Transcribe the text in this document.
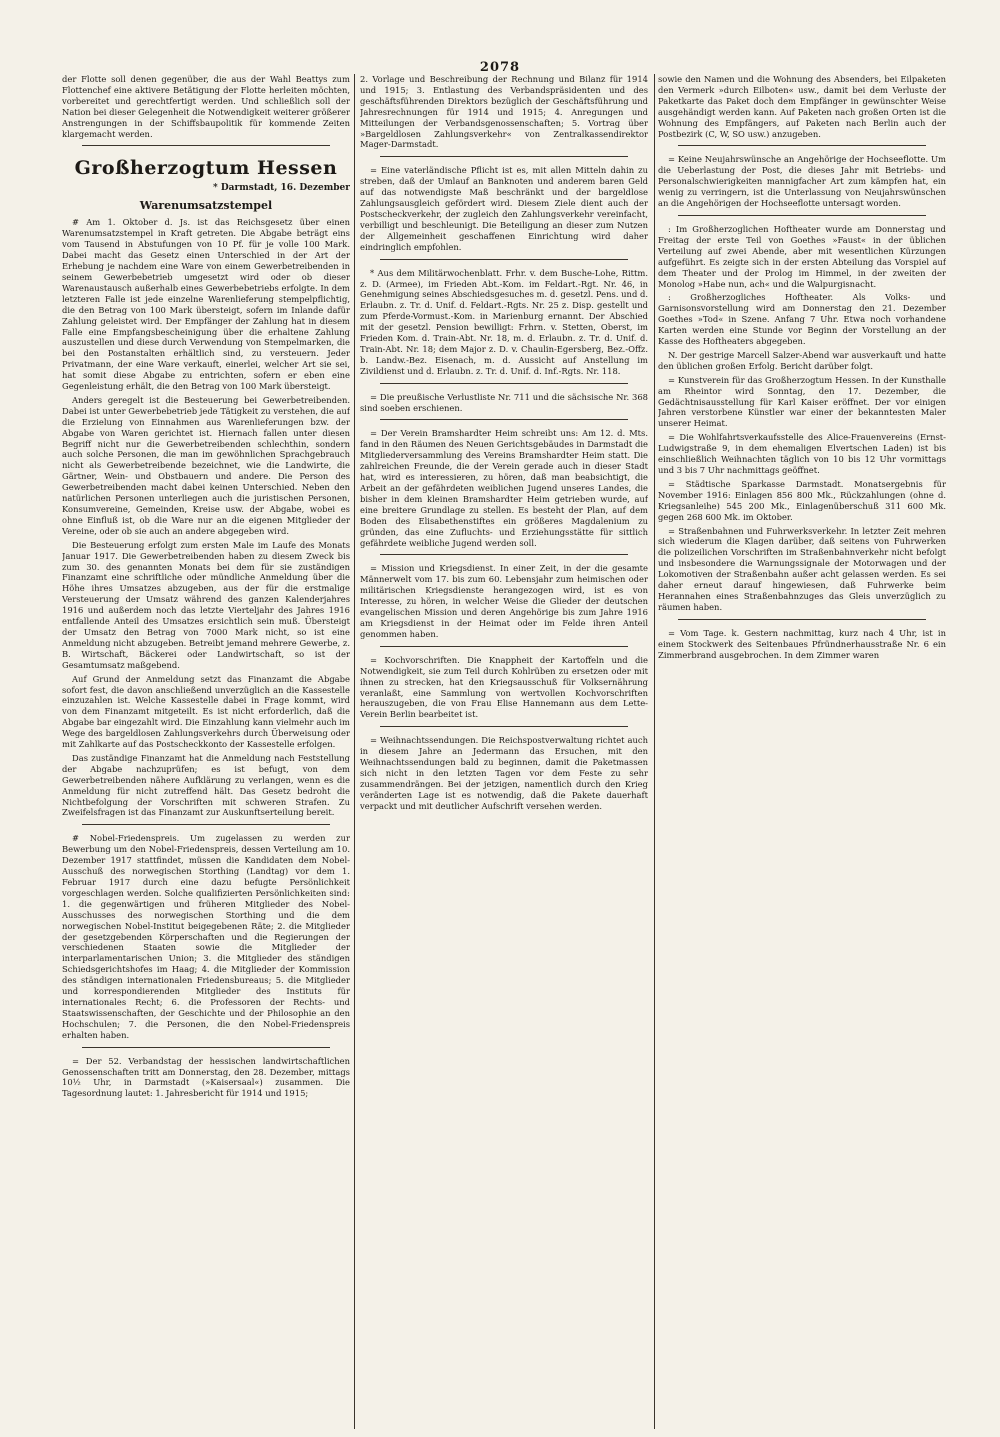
2078

der Flotte soll denen gegenüber, die aus der Wahl Beattys zum Flottenchef eine aktivere Betätigung der Flotte herleiten möchten, vorbereitet und gerechtfertigt werden. Und schließlich soll der Nation bei dieser Gelegenheit die Notwendigkeit weiterer größerer Anstrengungen in der Schiffsbaupolitik für kommende Zeiten klargemacht werden.

Großherzogtum Hessen
* Darmstadt, 16. Dezember
Warenumsatzstempel

# Am 1. Oktober d. Js. ist das Reichsgesetz über einen Warenumsatzstempel in Kraft getreten. Die Abgabe beträgt eins vom Tausend in Abstufungen von 10 Pf. für je volle 100 Mark. Dabei macht das Gesetz einen Unterschied in der Art der Erhebung je nachdem eine Ware von einem Gewerbetreibenden in seinem Gewerbebetrieb umgesetzt wird oder ob dieser Warenaustausch außerhalb eines Gewerbebetriebs erfolgte. In dem letzteren Falle ist jede einzelne Warenlieferung stempelpflichtig, die den Betrag von 100 Mark übersteigt, sofern im Inlande dafür Zahlung geleistet wird. Der Empfänger der Zahlung hat in diesem Falle eine Empfangsbescheinigung über die erhaltene Zahlung auszustellen und diese durch Verwendung von Stempelmarken, die bei den Postanstalten erhältlich sind, zu versteuern. Jeder Privatmann, der eine Ware verkauft, einerlei, welcher Art sie sei, hat somit diese Abgabe zu entrichten, sofern er eben eine Gegenleistung erhält, die den Betrag von 100 Mark übersteigt.

Anders geregelt ist die Besteuerung bei Gewerbetreibenden. Dabei ist unter Gewerbebetrieb jede Tätigkeit zu verstehen, die auf die Erzielung von Einnahmen aus Warenlieferungen bzw. der Abgabe von Waren gerichtet ist. Hiernach fallen unter diesen Begriff nicht nur die Gewerbetreibenden schlechthin, sondern auch solche Personen, die man im gewöhnlichen Sprachgebrauch nicht als Gewerbetreibende bezeichnet, wie die Landwirte, die Gärtner, Wein- und Obstbauern und andere. Die Person des Gewerbetreibenden macht dabei keinen Unterschied. Neben den natürlichen Personen unterliegen auch die juristischen Personen, Konsumvereine, Gemeinden, Kreise usw. der Abgabe, wobei es ohne Einfluß ist, ob die Ware nur an die eigenen Mitglieder der Vereine, oder ob sie auch an andere abgegeben wird.

Die Besteuerung erfolgt zum ersten Male im Laufe des Monats Januar 1917. Die Gewerbetreibenden haben zu diesem Zweck bis zum 30. des genannten Monats bei dem für sie zuständigen Finanzamt eine schriftliche oder mündliche Anmeldung über die Höhe ihres Umsatzes abzugeben, aus der für die erstmalige Versteuerung der Umsatz während des ganzen Kalenderjahres 1916 und außerdem noch das letzte Vierteljahr des Jahres 1916 entfallende Anteil des Umsatzes ersichtlich sein muß. Übersteigt der Umsatz den Betrag von 7000 Mark nicht, so ist eine Anmeldung nicht abzugeben. Betreibt jemand mehrere Gewerbe, z. B. Wirtschaft, Bäckerei oder Landwirtschaft, so ist der Gesamtumsatz maßgebend.

Auf Grund der Anmeldung setzt das Finanzamt die Abgabe sofort fest, die davon anschließend unverzüglich an die Kassestelle einzuzahlen ist. Welche Kassestelle dabei in Frage kommt, wird von dem Finanzamt mitgeteilt. Es ist nicht erforderlich, daß die Abgabe bar eingezahlt wird. Die Einzahlung kann vielmehr auch im Wege des bargeldlosen Zahlungsverkehrs durch Überweisung oder mit Zahlkarte auf das Postscheckkonto der Kassestelle erfolgen.

Das zuständige Finanzamt hat die Anmeldung nach Feststellung der Abgabe nachzuprüfen; es ist befugt, von dem Gewerbetreibenden nähere Aufklärung zu verlangen, wenn es die Anmeldung für nicht zutreffend hält. Das Gesetz bedroht die Nichtbefolgung der Vorschriften mit schweren Strafen. Zu Zweifelsfragen ist das Finanzamt zur Auskunftserteilung bereit.

# Nobel-Friedenspreis. Um zugelassen zu werden zur Bewerbung um den Nobel-Friedenspreis, dessen Verteilung am 10. Dezember 1917 stattfindet, müssen die Kandidaten dem Nobel-Ausschuß des norwegischen Storthing (Landtag) vor dem 1. Februar 1917 durch eine dazu befugte Persönlichkeit vorgeschlagen werden. Solche qualifizierten Persönlichkeiten sind: 1. die gegenwärtigen und früheren Mitglieder des Nobel-Ausschusses des norwegischen Storthing und die dem norwegischen Nobel-Institut beigegebenen Räte; 2. die Mitglieder der gesetzgebenden Körperschaften und die Regierungen der verschiedenen Staaten sowie die Mitglieder der interparlamentarischen Union; 3. die Mitglieder des ständigen Schiedsgerichtshofes im Haag; 4. die Mitglieder der Kommission des ständigen internationalen Friedensbureaus; 5. die Mitglieder und korrespondierenden Mitglieder des Instituts für internationales Recht; 6. die Professoren der Rechts- und Staatswissenschaften, der Geschichte und der Philosophie an den Hochschulen; 7. die Personen, die den Nobel-Friedenspreis erhalten haben.

= Der 52. Verbandstag der hessischen landwirtschaftlichen Genossenschaften tritt am Donnerstag, den 28. Dezember, mittags 10½ Uhr, in Darmstadt (»Kaisersaal«) zusammen. Die Tagesordnung lautet: 1. Jahresbericht für 1914 und 1915;

2. Vorlage und Beschreibung der Rechnung und Bilanz für 1914 und 1915; 3. Entlastung des Verbandspräsidenten und des geschäftsführenden Direktors bezüglich der Geschäftsführung und Jahresrechnungen für 1914 und 1915; 4. Anregungen und Mitteilungen der Verbandsgenossenschaften; 5. Vortrag über »Bargeldlosen Zahlungsverkehr« von Zentralkassendirektor Mager-Darmstadt.

= Eine vaterländische Pflicht ist es, mit allen Mitteln dahin zu streben, daß der Umlauf an Banknoten und anderem baren Geld auf das notwendigste Maß beschränkt und der bargeldlose Zahlungsausgleich gefördert wird. Diesem Ziele dient auch der Postscheckverkehr, der zugleich den Zahlungsverkehr vereinfacht, verbilligt und beschleunigt. Die Beteiligung an dieser zum Nutzen der Allgemeinheit geschaffenen Einrichtung wird daher eindringlich empfohlen.

* Aus dem Militärwochenblatt. Frhr. v. dem Busche-Lohe, Rittm. z. D. (Armee), im Frieden Abt.-Kom. im Feldart.-Rgt. Nr. 46, in Genehmigung seines Abschiedsgesuches m. d. gesetzl. Pens. und d. Erlaubn. z. Tr. d. Unif. d. Feldart.-Rgts. Nr. 25 z. Disp. gestellt und zum Pferde-Vormust.-Kom. in Marienburg ernannt. Der Abschied mit der gesetzl. Pension bewilligt: Frhrn. v. Stetten, Oberst, im Frieden Kom. d. Train-Abt. Nr. 18, m. d. Erlaubn. z. Tr. d. Unif. d. Train-Abt. Nr. 18; dem Major z. D. v. Chaulin-Egersberg, Bez.-Offz. b. Landw.-Bez. Eisenach, m. d. Aussicht auf Anstellung im Zivildienst und d. Erlaubn. z. Tr. d. Unif. d. Inf.-Rgts. Nr. 118.

= Die preußische Verlustliste Nr. 711 und die sächsische Nr. 368 sind soeben erschienen.

= Der Verein Bramshardter Heim schreibt uns: Am 12. d. Mts. fand in den Räumen des Neuen Gerichtsgebäudes in Darmstadt die Mitgliederversammlung des Vereins Bramshardter Heim statt. Die zahlreichen Freunde, die der Verein gerade auch in dieser Stadt hat, wird es interessieren, zu hören, daß man beabsichtigt, die Arbeit an der gefährdeten weiblichen Jugend unseres Landes, die bisher in dem kleinen Bramshardter Heim getrieben wurde, auf eine breitere Grundlage zu stellen. Es besteht der Plan, auf dem Boden des Elisabethenstiftes ein größeres Magdalenium zu gründen, das eine Zufluchts- und Erziehungsstätte für sittlich gefährdete weibliche Jugend werden soll.

= Mission und Kriegsdienst. In einer Zeit, in der die gesamte Männerwelt vom 17. bis zum 60. Lebensjahr zum heimischen oder militärischen Kriegsdienste herangezogen wird, ist es von Interesse, zu hören, in welcher Weise die Glieder der deutschen evangelischen Mission und deren Angehörige bis zum Jahre 1916 am Kriegsdienst in der Heimat oder im Felde ihren Anteil genommen haben.

= Kochvorschriften. Die Knappheit der Kartoffeln und die Notwendigkeit, sie zum Teil durch Kohlrüben zu ersetzen oder mit ihnen zu strecken, hat den Kriegsausschuß für Volksernährung veranlaßt, eine Sammlung von wertvollen Kochvorschriften herauszugeben, die von Frau Elise Hannemann aus dem Lette-Verein Berlin bearbeitet ist.

= Weihnachtssendungen. Die Reichspostverwaltung richtet auch in diesem Jahre an Jedermann das Ersuchen, mit den Weihnachtssendungen bald zu beginnen, damit die Paketmassen sich nicht in den letzten Tagen vor dem Feste zu sehr zusammendrängen. Bei der jetzigen, namentlich durch den Krieg veränderten Lage ist es notwendig, daß die Pakete dauerhaft verpackt und mit deutlicher Aufschrift versehen werden.

sowie den Namen und die Wohnung des Absenders, bei Eilpaketen den Vermerk »durch Eilboten« usw., damit bei dem Verluste der Paketkarte das Paket doch dem Empfänger in gewünschter Weise ausgehändigt werden kann. Auf Paketen nach großen Orten ist die Wohnung des Empfängers, auf Paketen nach Berlin auch der Postbezirk (C, W, SO usw.) anzugeben.

= Keine Neujahrswünsche an Angehörige der Hochseeflotte. Um die Ueberlastung der Post, die dieses Jahr mit Betriebs- und Personalschwierigkeiten mannigfacher Art zum kämpfen hat, ein wenig zu verringern, ist die Unterlassung von Neujahrswünschen an die Angehörigen der Hochseeflotte untersagt worden.

: Im Großherzoglichen Hoftheater wurde am Donnerstag und Freitag der erste Teil von Goethes »Faust« in der üblichen Verteilung auf zwei Abende, aber mit wesentlichen Kürzungen aufgeführt. Es zeigte sich in der ersten Abteilung das Vorspiel auf dem Theater und der Prolog im Himmel, in der zweiten der Monolog »Habe nun, ach« und die Walpurgisnacht.

: Großherzogliches Hoftheater. Als Volks- und Garnisonsvorstellung wird am Donnerstag den 21. Dezember Goethes »Tod« in Szene. Anfang 7 Uhr. Etwa noch vorhandene Karten werden eine Stunde vor Beginn der Vorstellung an der Kasse des Hoftheaters abgegeben.

N. Der gestrige Marcell Salzer-Abend war ausverkauft und hatte den üblichen großen Erfolg. Bericht darüber folgt.

= Kunstverein für das Großherzogtum Hessen. In der Kunsthalle am Rheintor wird Sonntag, den 17. Dezember, die Gedächtnisausstellung für Karl Kaiser eröffnet. Der vor einigen Jahren verstorbene Künstler war einer der bekanntesten Maler unserer Heimat.

= Die Wohlfahrtsverkaufsstelle des Alice-Frauenvereins (Ernst-Ludwigstraße 9, in dem ehemaligen Elvertschen Laden) ist bis einschließlich Weihnachten täglich von 10 bis 12 Uhr vormittags und 3 bis 7 Uhr nachmittags geöffnet.

= Städtische Sparkasse Darmstadt. Monatsergebnis für November 1916: Einlagen 856 800 Mk., Rückzahlungen (ohne d. Kriegsanleihe) 545 200 Mk., Einlagenüberschuß 311 600 Mk. gegen 268 600 Mk. im Oktober.

= Straßenbahnen und Fuhrwerksverkehr. In letzter Zeit mehren sich wiederum die Klagen darüber, daß seitens von Fuhrwerken die polizeilichen Vorschriften im Straßenbahnverkehr nicht befolgt und insbesondere die Warnungssignale der Motorwagen und der Lokomotiven der Straßenbahn außer acht gelassen werden. Es sei daher erneut darauf hingewiesen, daß Fuhrwerke beim Herannahen eines Straßenbahnzuges das Gleis unverzüglich zu räumen haben.

= Vom Tage. k. Gestern nachmittag, kurz nach 4 Uhr, ist in einem Stockwerk des Seitenbaues Pfründnerhausstraße Nr. 6 ein Zimmerbrand ausgebrochen. In dem Zimmer waren
